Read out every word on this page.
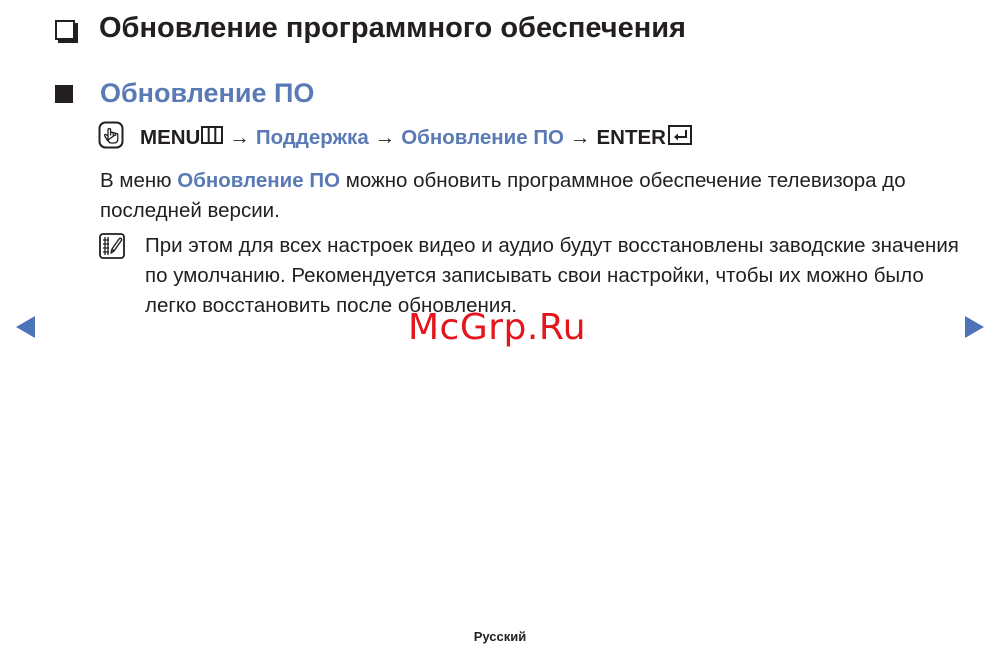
Обновление программного обеспечения
Обновление ПО
MENU → Поддержка → Обновление ПО → ENTER
В меню Обновление ПО можно обновить программное обеспечение телевизора до последней версии.
При этом для всех настроек видео и аудио будут восстановлены заводские значения по умолчанию. Рекомендуется записывать свои настройки, чтобы их можно было легко восстановить после обновления.
McGrp.Ru
Русский
